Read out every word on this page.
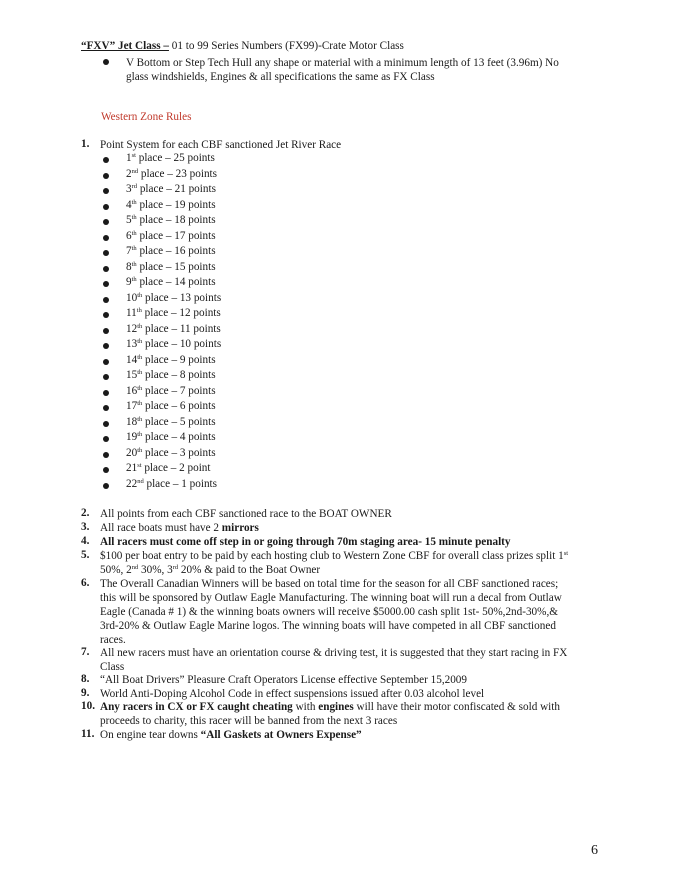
“FXV” Jet Class – 01 to 99 Series Numbers (FX99)-Crate Motor Class
V Bottom or Step Tech Hull any shape or material with a minimum length of 13 feet (3.96m) No
glass windshields, Engines & all specifications the same as FX Class
Western Zone Rules
1. Point System for each CBF sanctioned Jet River Race
1st place – 25 points
2nd place – 23 points
3rd place – 21 points
4th place – 19 points
5th place – 18 points
6th place – 17 points
7th place – 16 points
8th place – 15 points
9th place – 14 points
10th place – 13 points
11th place – 12 points
12th place – 11 points
13th place – 10 points
14th place – 9 points
15th place – 8 points
16th place – 7 points
17th place – 6 points
18th place – 5 points
19th place – 4 points
20th place – 3 points
21st place – 2 point
22nd place – 1 points
2. All points from each CBF sanctioned race to the BOAT OWNER
3. All race boats must have 2 mirrors
4. All racers must come off step in or going through 70m staging area- 15 minute penalty
5. $100 per boat entry to be paid by each hosting club to Western Zone CBF for overall class prizes split 1st
50%, 2nd 30%, 3rd 20% & paid to the Boat Owner
6. The Overall Canadian Winners will be based on total time for the season for all CBF sanctioned races;
this will be sponsored by Outlaw Eagle Manufacturing. The winning boat will run a decal from Outlaw
Eagle (Canada # 1) & the winning boats owners will receive $5000.00 cash split 1st- 50%,2nd-30%,&
3rd-20% & Outlaw Eagle Marine logos. The winning boats will have competed in all CBF sanctioned
races.
7. All new racers must have an orientation course & driving test, it is suggested that they start racing in FX
Class
8. “All Boat Drivers” Pleasure Craft Operators License effective September 15,2009
9. World Anti-Doping Alcohol Code in effect suspensions issued after 0.03 alcohol level
10. Any racers in CX or FX caught cheating with engines will have their motor confiscated & sold with
proceeds to charity, this racer will be banned from the next 3 races
11. On engine tear downs “All Gaskets at Owners Expense”
6
